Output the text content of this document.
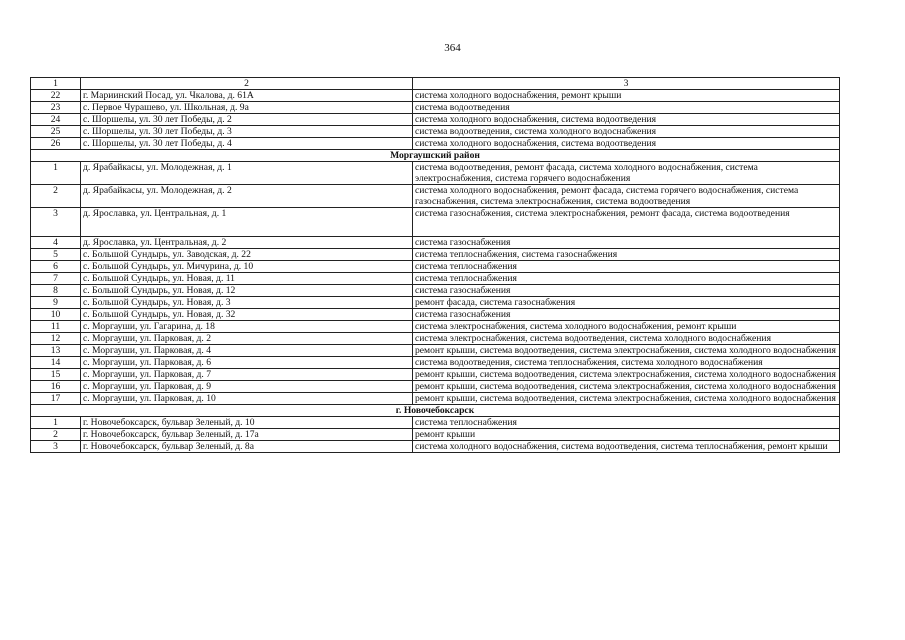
364
1	2	3
22	г. Мариинский Посад, ул. Чкалова, д. 61А	система холодного водоснабжения, ремонт крыши
23	с. Первое Чурашево, ул. Школьная, д. 9а	система водоотведения
24	с. Шоршелы, ул. 30 лет Победы, д. 2	система холодного водоснабжения, система водоотведения
25	с. Шоршелы, ул. 30 лет Победы, д. 3	система водоотведения, система холодного водоснабжения
26	с. Шоршелы, ул. 30 лет Победы, д. 4	система холодного водоснабжения, система водоотведения
Моргаушский район		
1	д. Ярабайкасы, ул. Молодежная, д. 1	система водоотведения, ремонт фасада, система холодного водоснабжения, система электроснабжения, система горячего водоснабжения
2	д. Ярабайкасы, ул. Молодежная, д. 2	система холодного водоснабжения, ремонт фасада, система горячего водоснабжения, система газоснабжения, система электроснабжения, система водоотведения
3	д. Ярославка, ул. Центральная, д. 1	система газоснабжения, система электроснабжения, ремонт фасада, система водоотведения
4	д. Ярославка, ул. Центральная, д. 2	система газоснабжения
5	с. Большой Сундырь, ул. Заводская, д. 22	система теплоснабжения, система газоснабжения
6	с. Большой Сундырь, ул. Мичурина, д. 10	система теплоснабжения
7	с. Большой Сундырь, ул. Новая, д. 11	система теплоснабжения
8	с. Большой Сундырь, ул. Новая, д. 12	система газоснабжения
9	с. Большой Сундырь, ул. Новая, д. 3	ремонт фасада, система газоснабжения
10	с. Большой Сундырь, ул. Новая, д. 32	система газоснабжения
11	с. Моргауши, ул. Гагарина, д. 18	система электроснабжения, система холодного водоснабжения, ремонт крыши
12	с. Моргауши, ул. Парковая, д. 2	система электроснабжения, система водоотведения, система холодного водоснабжения
13	с. Моргауши, ул. Парковая, д. 4	ремонт крыши, система водоотведения, система электроснабжения, система холодного водоснабжения
14	с. Моргауши, ул. Парковая, д. 6	система водоотведения, система теплоснабжения, система холодного водоснабжения
15	с. Моргауши, ул. Парковая, д. 7	ремонт крыши, система водоотведения, система электроснабжения, система холодного водоснабжения
16	с. Моргауши, ул. Парковая, д. 9	ремонт крыши, система водоотведения, система электроснабжения, система холодного водоснабжения
17	с. Моргауши, ул. Парковая, д. 10	ремонт крыши, система водоотведения, система электроснабжения, система холодного водоснабжения
г. Новочебоксарск		
1	г. Новочебоксарск, бульвар Зеленый, д. 10	система теплоснабжения
2	г. Новочебоксарск, бульвар Зеленый, д. 17а	ремонт крыши
3	г. Новочебоксарск, бульвар Зеленый, д. 8а	система холодного водоснабжения, система водоотведения, система теплоснабжения, ремонт крыши
